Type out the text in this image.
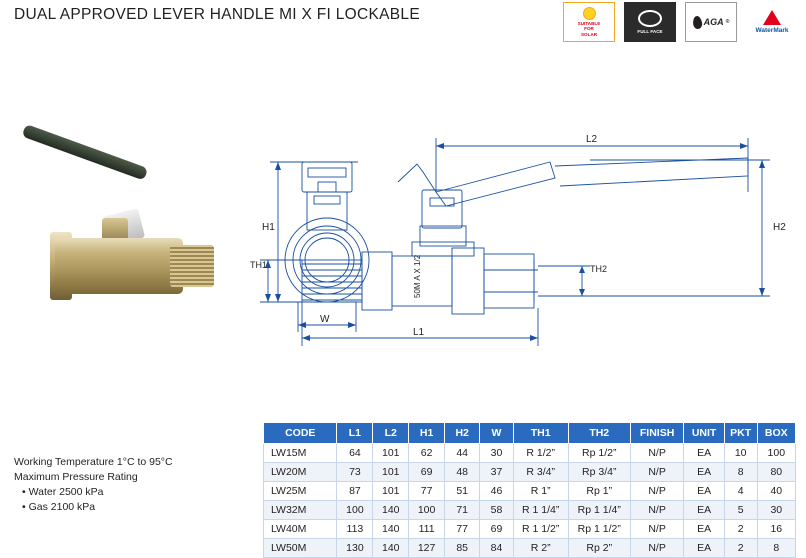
DUAL APPROVED LEVER HANDLE MI X FI LOCKABLE
SUITABLE
FOR
SOLAR
FULL FACE
AGA ®
WaterMark
H1
W
TH1	TH2
L1
L2
H2
50M A X 1/2
Working Temperature 1°C to 95°C
Maximum Pressure Rating
• Water 2500 kPa
• Gas 2100 kPa
CODE	L1	L2	H1	H2	W	TH1	TH2	FINISH	UNIT	PKT	BOX
LW15M	64	101	62	44	30	R 1/2”	Rp 1/2”	N/P	EA	10	100
LW20M	73	101	69	48	37	R 3/4”	Rp 3/4”	N/P	EA	8	80
LW25M	87	101	77	51	46	R 1”	Rp 1”	N/P	EA	4	40
LW32M	100	140	100	71	58	R 1 1/4”	Rp 1 1/4”	N/P	EA	5	30
LW40M	113	140	111	77	69	R 1 1/2”	Rp 1 1/2”	N/P	EA	2	16
LW50M	130	140	127	85	84	R 2”	Rp 2”	N/P	EA	2	8
